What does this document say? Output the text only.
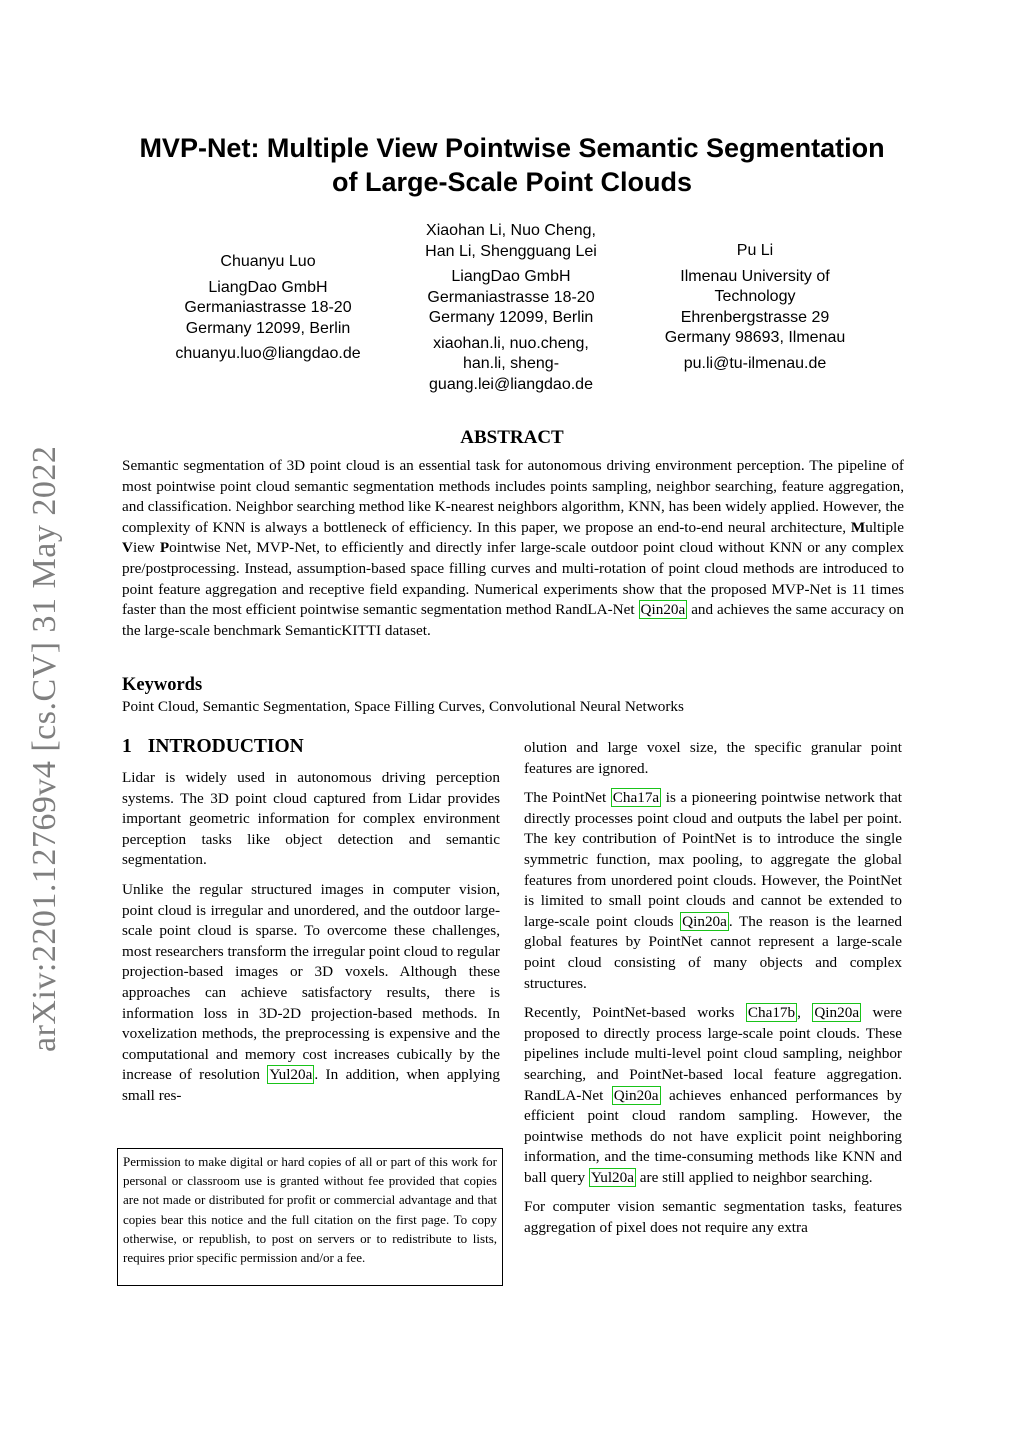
arXiv:2201.12769v4 [cs.CV] 31 May 2022
MVP-Net: Multiple View Pointwise Semantic Segmentation
of Large-Scale Point Clouds
Chuanyu Luo
LiangDao GmbH
Germaniastrasse 18-20
Germany 12099, Berlin
chuanyu.luo@liangdao.de
Xiaohan Li, Nuo Cheng,
Han Li, Shengguang Lei
LiangDao GmbH
Germaniastrasse 18-20
Germany 12099, Berlin
xiaohan.li, nuo.cheng,
han.li, sheng-
guang.lei@liangdao.de
Pu Li
Ilmenau University of
Technology
Ehrenbergstrasse 29
Germany 98693, Ilmenau
pu.li@tu-ilmenau.de
ABSTRACT
Semantic segmentation of 3D point cloud is an essential task for autonomous driving environment perception. The pipeline of most pointwise point cloud semantic segmentation methods includes points sampling, neighbor searching, feature aggregation, and classification. Neighbor searching method like K-nearest neighbors algorithm, KNN, has been widely applied. However, the complexity of KNN is always a bottleneck of efficiency. In this paper, we propose an end-to-end neural architecture, Multiple View Pointwise Net, MVP-Net, to efficiently and directly infer large-scale outdoor point cloud without KNN or any complex pre/postprocessing. Instead, assumption-based space filling curves and multi-rotation of point cloud methods are introduced to point feature aggregation and receptive field expanding. Numerical experiments show that the proposed MVP-Net is 11 times faster than the most efficient pointwise semantic segmentation method RandLA-Net Qin20a and achieves the same accuracy on the large-scale benchmark SemanticKITTI dataset.
Keywords
Point Cloud, Semantic Segmentation, Space Filling Curves, Convolutional Neural Networks
1 INTRODUCTION

Lidar is widely used in autonomous driving perception systems. The 3D point cloud captured from Lidar provides important geometric information for complex environment perception tasks like object detection and semantic segmentation.

Unlike the regular structured images in computer vision, point cloud is irregular and unordered, and the outdoor large-scale point cloud is sparse. To overcome these challenges, most researchers transform the irregular point cloud to regular projection-based images or 3D voxels. Although these approaches can achieve satisfactory results, there is information loss in 3D-2D projection-based methods. In voxelization methods, the preprocessing is expensive and the computational and memory cost increases cubically by the increase of resolution Yul20a . In addition, when applying small res-

olution and large voxel size, the specific granular point features are ignored.

The PointNet Cha17a is a pioneering pointwise network that directly processes point cloud and outputs the label per point. The key contribution of PointNet is to introduce the single symmetric function, max pooling, to aggregate the global features from unordered point clouds. However, the PointNet is limited to small point clouds and cannot be extended to large-scale point clouds Qin20a . The reason is the learned global features by PointNet cannot represent a large-scale point cloud consisting of many objects and complex structures.

Recently, PointNet-based works Cha17b , Qin20a were proposed to directly process large-scale point clouds. These pipelines include multi-level point cloud sampling, neighbor searching, and PointNet-based local feature aggregation. RandLA-Net Qin20a achieves enhanced performances by efficient point cloud random sampling. However, the pointwise methods do not have explicit point neighboring information, and the time-consuming methods like KNN and ball query Yul20a are still applied to neighbor searching.

For computer vision semantic segmentation tasks, features aggregation of pixel does not require any extra

Permission to make digital or hard copies of all or part of this work for personal or classroom use is granted without fee provided that copies are not made or distributed for profit or commercial advantage and that copies bear this notice and the full citation on the first page. To copy otherwise, or republish, to post on servers or to redistribute to lists, requires prior specific permission and/or a fee.
